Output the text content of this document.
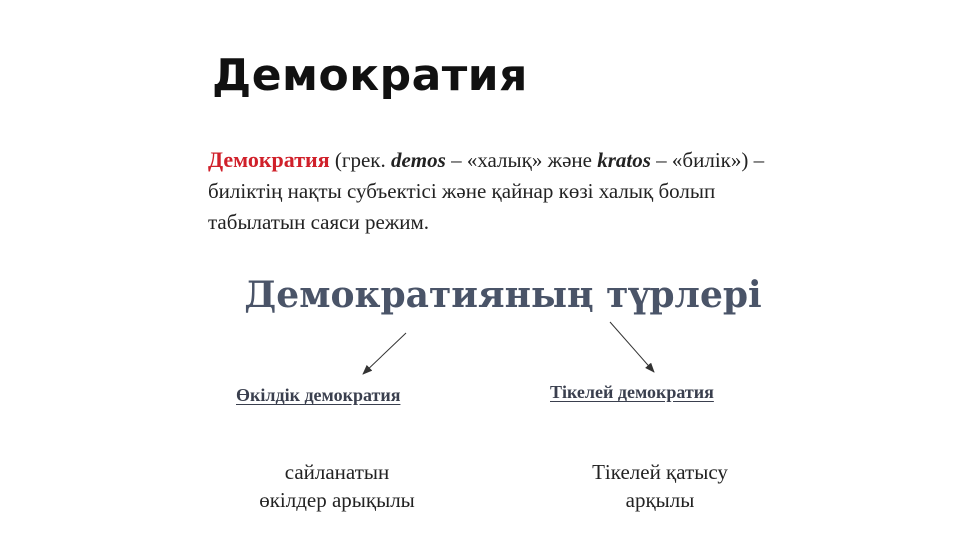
Демократия

Демократия (грек. demos – «халық» және kratos – «билік») – биліктің нақты субъектісі және қайнар көзі халық болып табылатын саяси режим.

Демократияның түрлері
Өкілдік демократия	Тікелей демократия
сайланатын
өкілдер арықылы
Тікелей қатысу
арқылы
